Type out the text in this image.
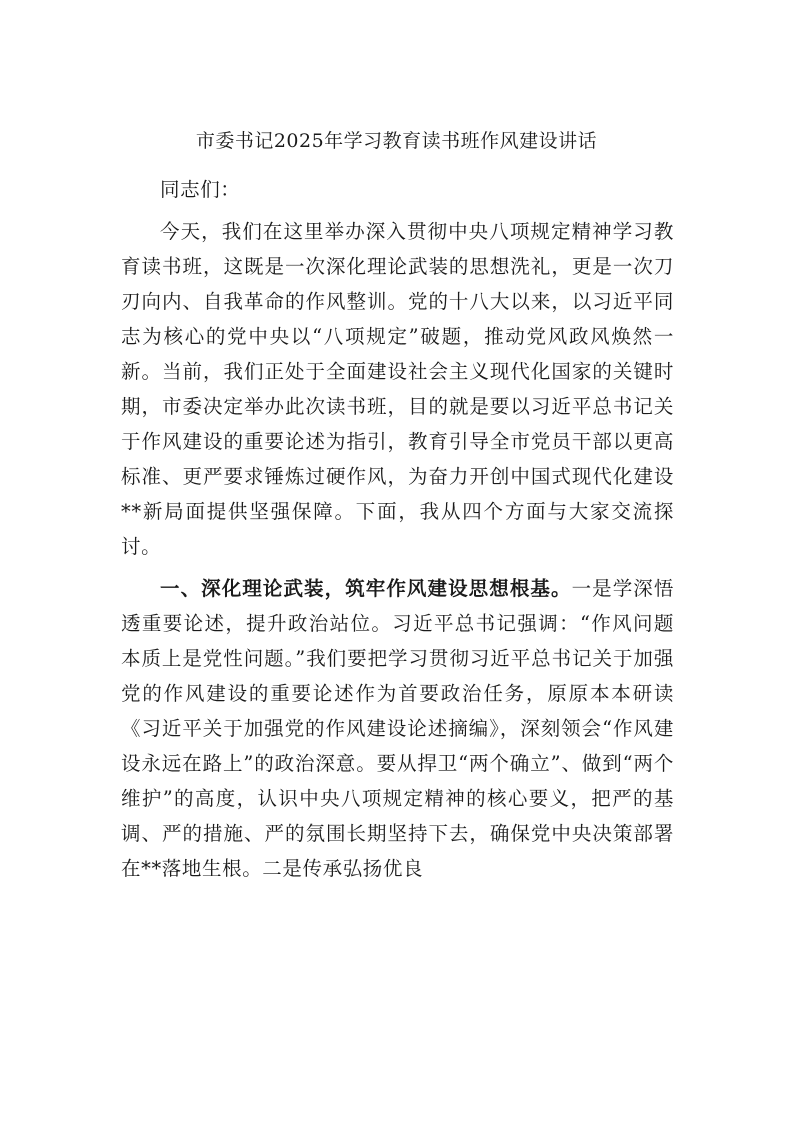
市委书记2025年学习教育读书班作风建设讲话

同志们：

今天，我们在这里举办深入贯彻中央八项规定精神学习教育读书班，这既是一次深化理论武装的思想洗礼，更是一次刀刃向内、自我革命的作风整训。党的十八大以来，以习近平同志为核心的党中央以“八项规定”破题，推动党风政风焕然一新。当前，我们正处于全面建设社会主义现代化国家的关键时期，市委决定举办此次读书班，目的就是要以习近平总书记关于作风建设的重要论述为指引，教育引导全市党员干部以更高标准、更严要求锤炼过硬作风，为奋力开创中国式现代化建设**新局面提供坚强保障。下面，我从四个方面与大家交流探讨。

一、深化理论武装，筑牢作风建设思想根基。一是学深悟透重要论述，提升政治站位。习近平总书记强调：“作风问题本质上是党性问题。”我们要把学习贯彻习近平总书记关于加强党的作风建设的重要论述作为首要政治任务，原原本本研读《习近平关于加强党的作风建设论述摘编》，深刻领会“作风建设永远在路上”的政治深意。要从捍卫“两个确立”、做到“两个维护”的高度，认识中央八项规定精神的核心要义，把严的基调、严的措施、严的氛围长期坚持下去，确保党中央决策部署在**落地生根。二是传承弘扬优良
